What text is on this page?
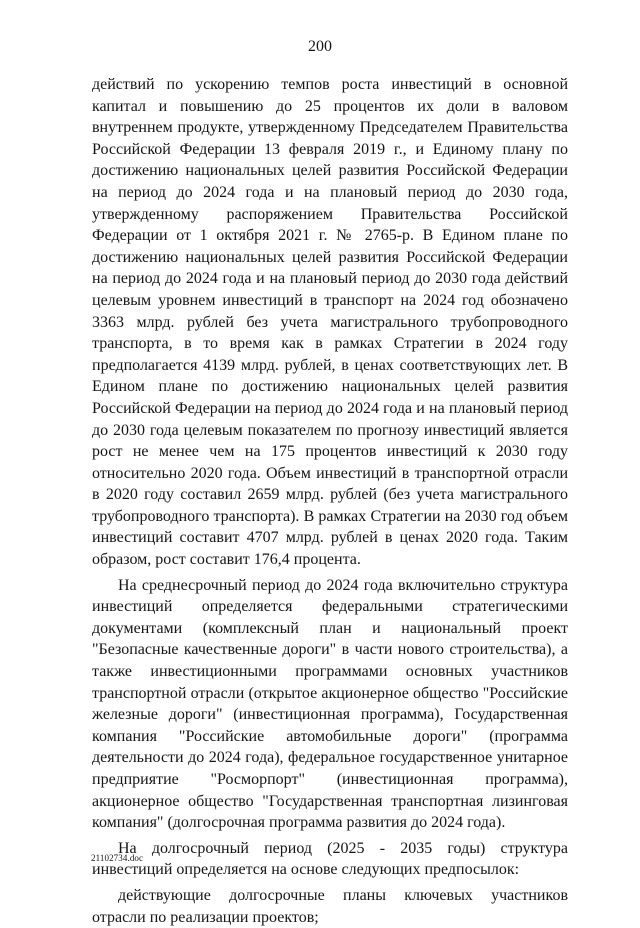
200

действий по ускорению темпов роста инвестиций в основной капитал и повышению до 25 процентов их доли в валовом внутреннем продукте, утвержденному Председателем Правительства Российской Федерации 13 февраля 2019 г., и Единому плану по достижению национальных целей развития Российской Федерации на период до 2024 года и на плановый период до 2030 года, утвержденному распоряжением Правительства Российской Федерации от 1 октября 2021 г. № 2765-р. В Едином плане по достижению национальных целей развития Российской Федерации на период до 2024 года и на плановый период до 2030 года действий целевым уровнем инвестиций в транспорт на 2024 год обозначено 3363 млрд. рублей без учета магистрального трубопроводного транспорта, в то время как в рамках Стратегии в 2024 году предполагается 4139 млрд. рублей, в ценах соответствующих лет. В Едином плане по достижению национальных целей развития Российской Федерации на период до 2024 года и на плановый период до 2030 года целевым показателем по прогнозу инвестиций является рост не менее чем на 175 процентов инвестиций к 2030 году относительно 2020 года. Объем инвестиций в транспортной отрасли в 2020 году составил 2659 млрд. рублей (без учета магистрального трубопроводного транспорта). В рамках Стратегии на 2030 год объем инвестиций составит 4707 млрд. рублей в ценах 2020 года. Таким образом, рост составит 176,4 процента.

На среднесрочный период до 2024 года включительно структура инвестиций определяется федеральными стратегическими документами (комплексный план и национальный проект "Безопасные качественные дороги" в части нового строительства), а также инвестиционными программами основных участников транспортной отрасли (открытое акционерное общество "Российские железные дороги" (инвестиционная программа), Государственная компания "Российские автомобильные дороги" (программа деятельности до 2024 года), федеральное государственное унитарное предприятие "Росморпорт" (инвестиционная программа), акционерное общество "Государственная транспортная лизинговая компания" (долгосрочная программа развития до 2024 года).

На долгосрочный период (2025 - 2035 годы) структура инвестиций определяется на основе следующих предпосылок:

действующие долгосрочные планы ключевых участников отрасли по реализации проектов;

21102734.doc
